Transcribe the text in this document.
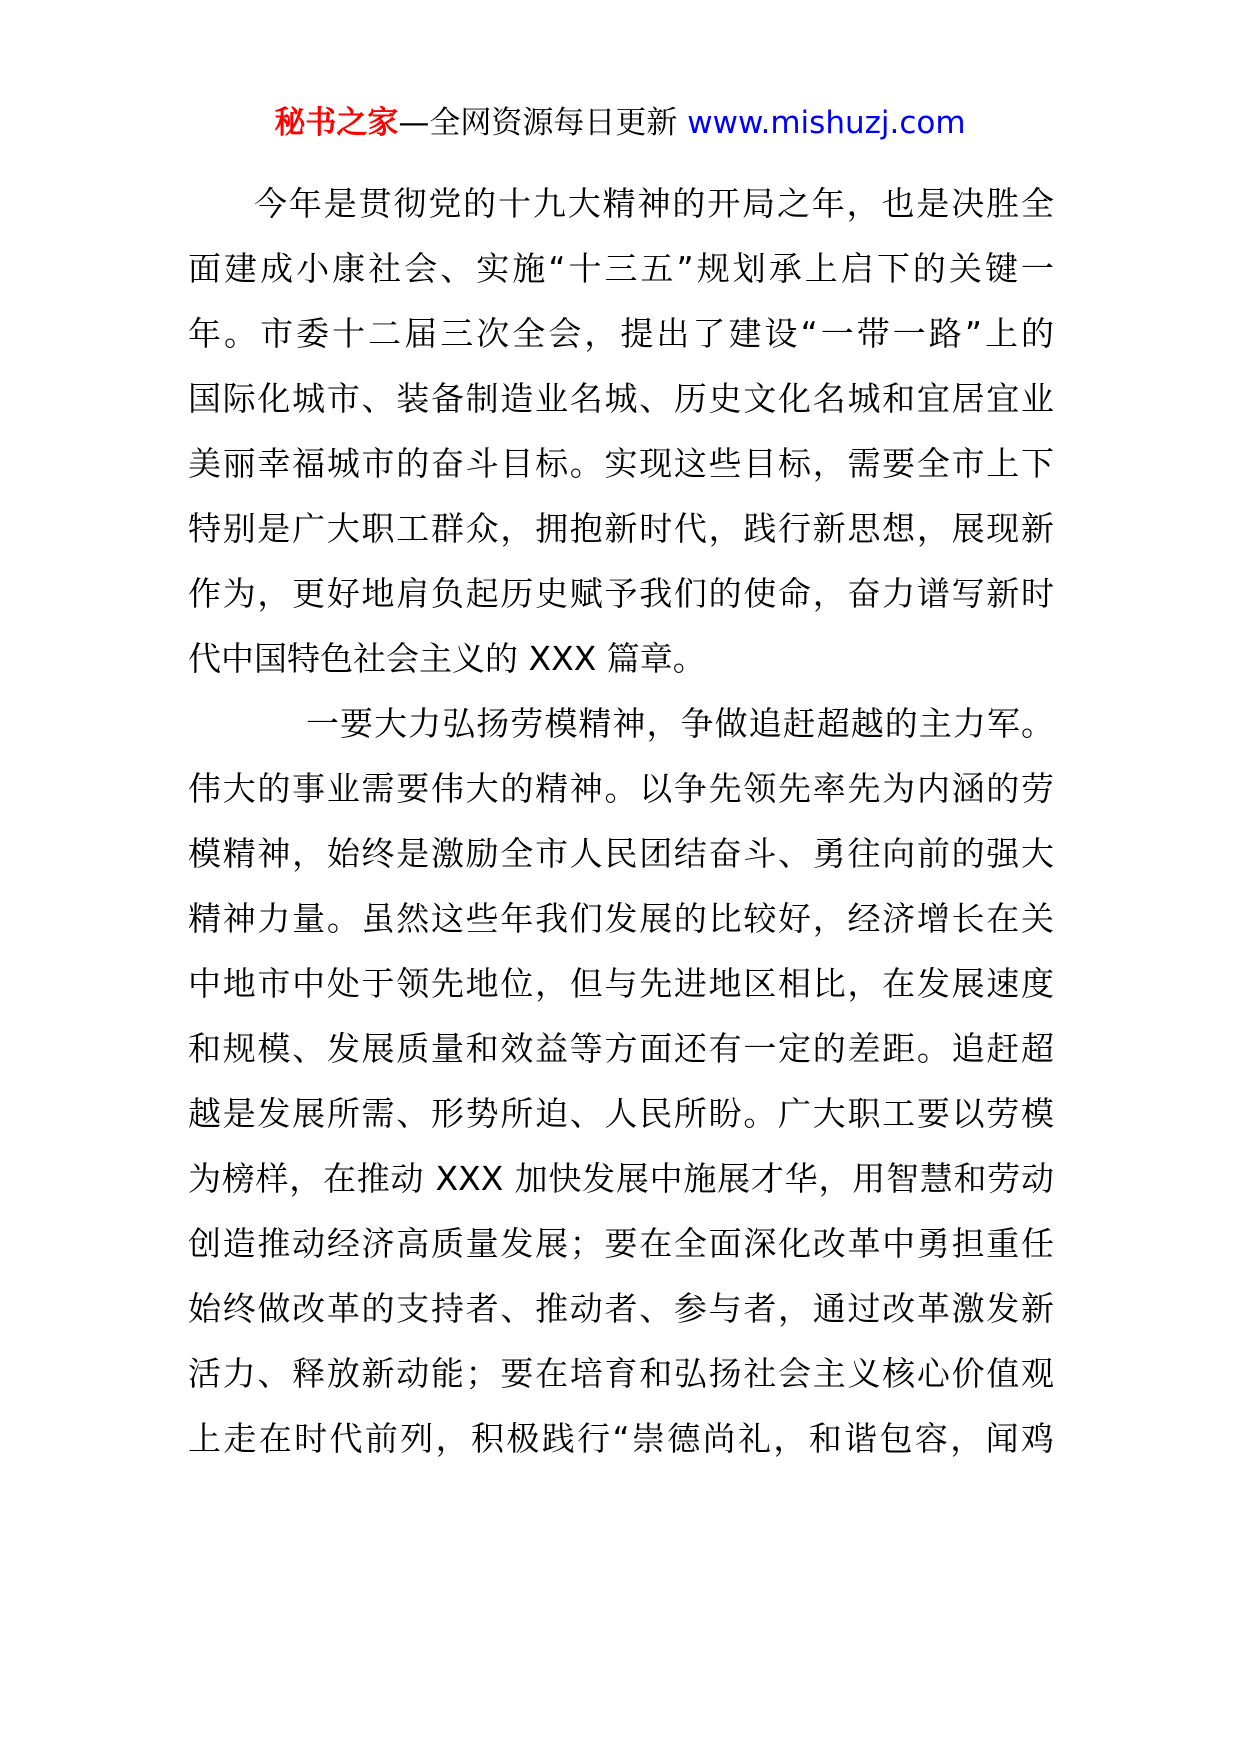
秘书之家—全网资源每日更新 www.mishuzj.com
今年是贯彻党的十九大精神的开局之年，也是决胜全
面建成小康社会、实施“十三五”规划承上启下的关键一
年。市委十二届三次全会，提出了建设“一带一路”上的
国际化城市、装备制造业名城、历史文化名城和宜居宜业
美丽幸福城市的奋斗目标。实现这些目标，需要全市上下
特别是广大职工群众，拥抱新时代，践行新思想，展现新
作为，更好地肩负起历史赋予我们的使命，奋力谱写新时
代中国特色社会主义的 XXX 篇章。
一要大力弘扬劳模精神，争做追赶超越的主力军。
伟大的事业需要伟大的精神。以争先领先率先为内涵的劳
模精神，始终是激励全市人民团结奋斗、勇往向前的强大
精神力量。虽然这些年我们发展的比较好，经济增长在关
中地市中处于领先地位，但与先进地区相比，在发展速度
和规模、发展质量和效益等方面还有一定的差距。追赶超
越是发展所需、形势所迫、人民所盼。广大职工要以劳模
为榜样，在推动 XXX 加快发展中施展才华，用智慧和劳动
创造推动经济高质量发展；要在全面深化改革中勇担重任
始终做改革的支持者、推动者、参与者，通过改革激发新
活力、释放新动能；要在培育和弘扬社会主义核心价值观
上走在时代前列，积极践行“崇德尚礼，和谐包容，闻鸡
